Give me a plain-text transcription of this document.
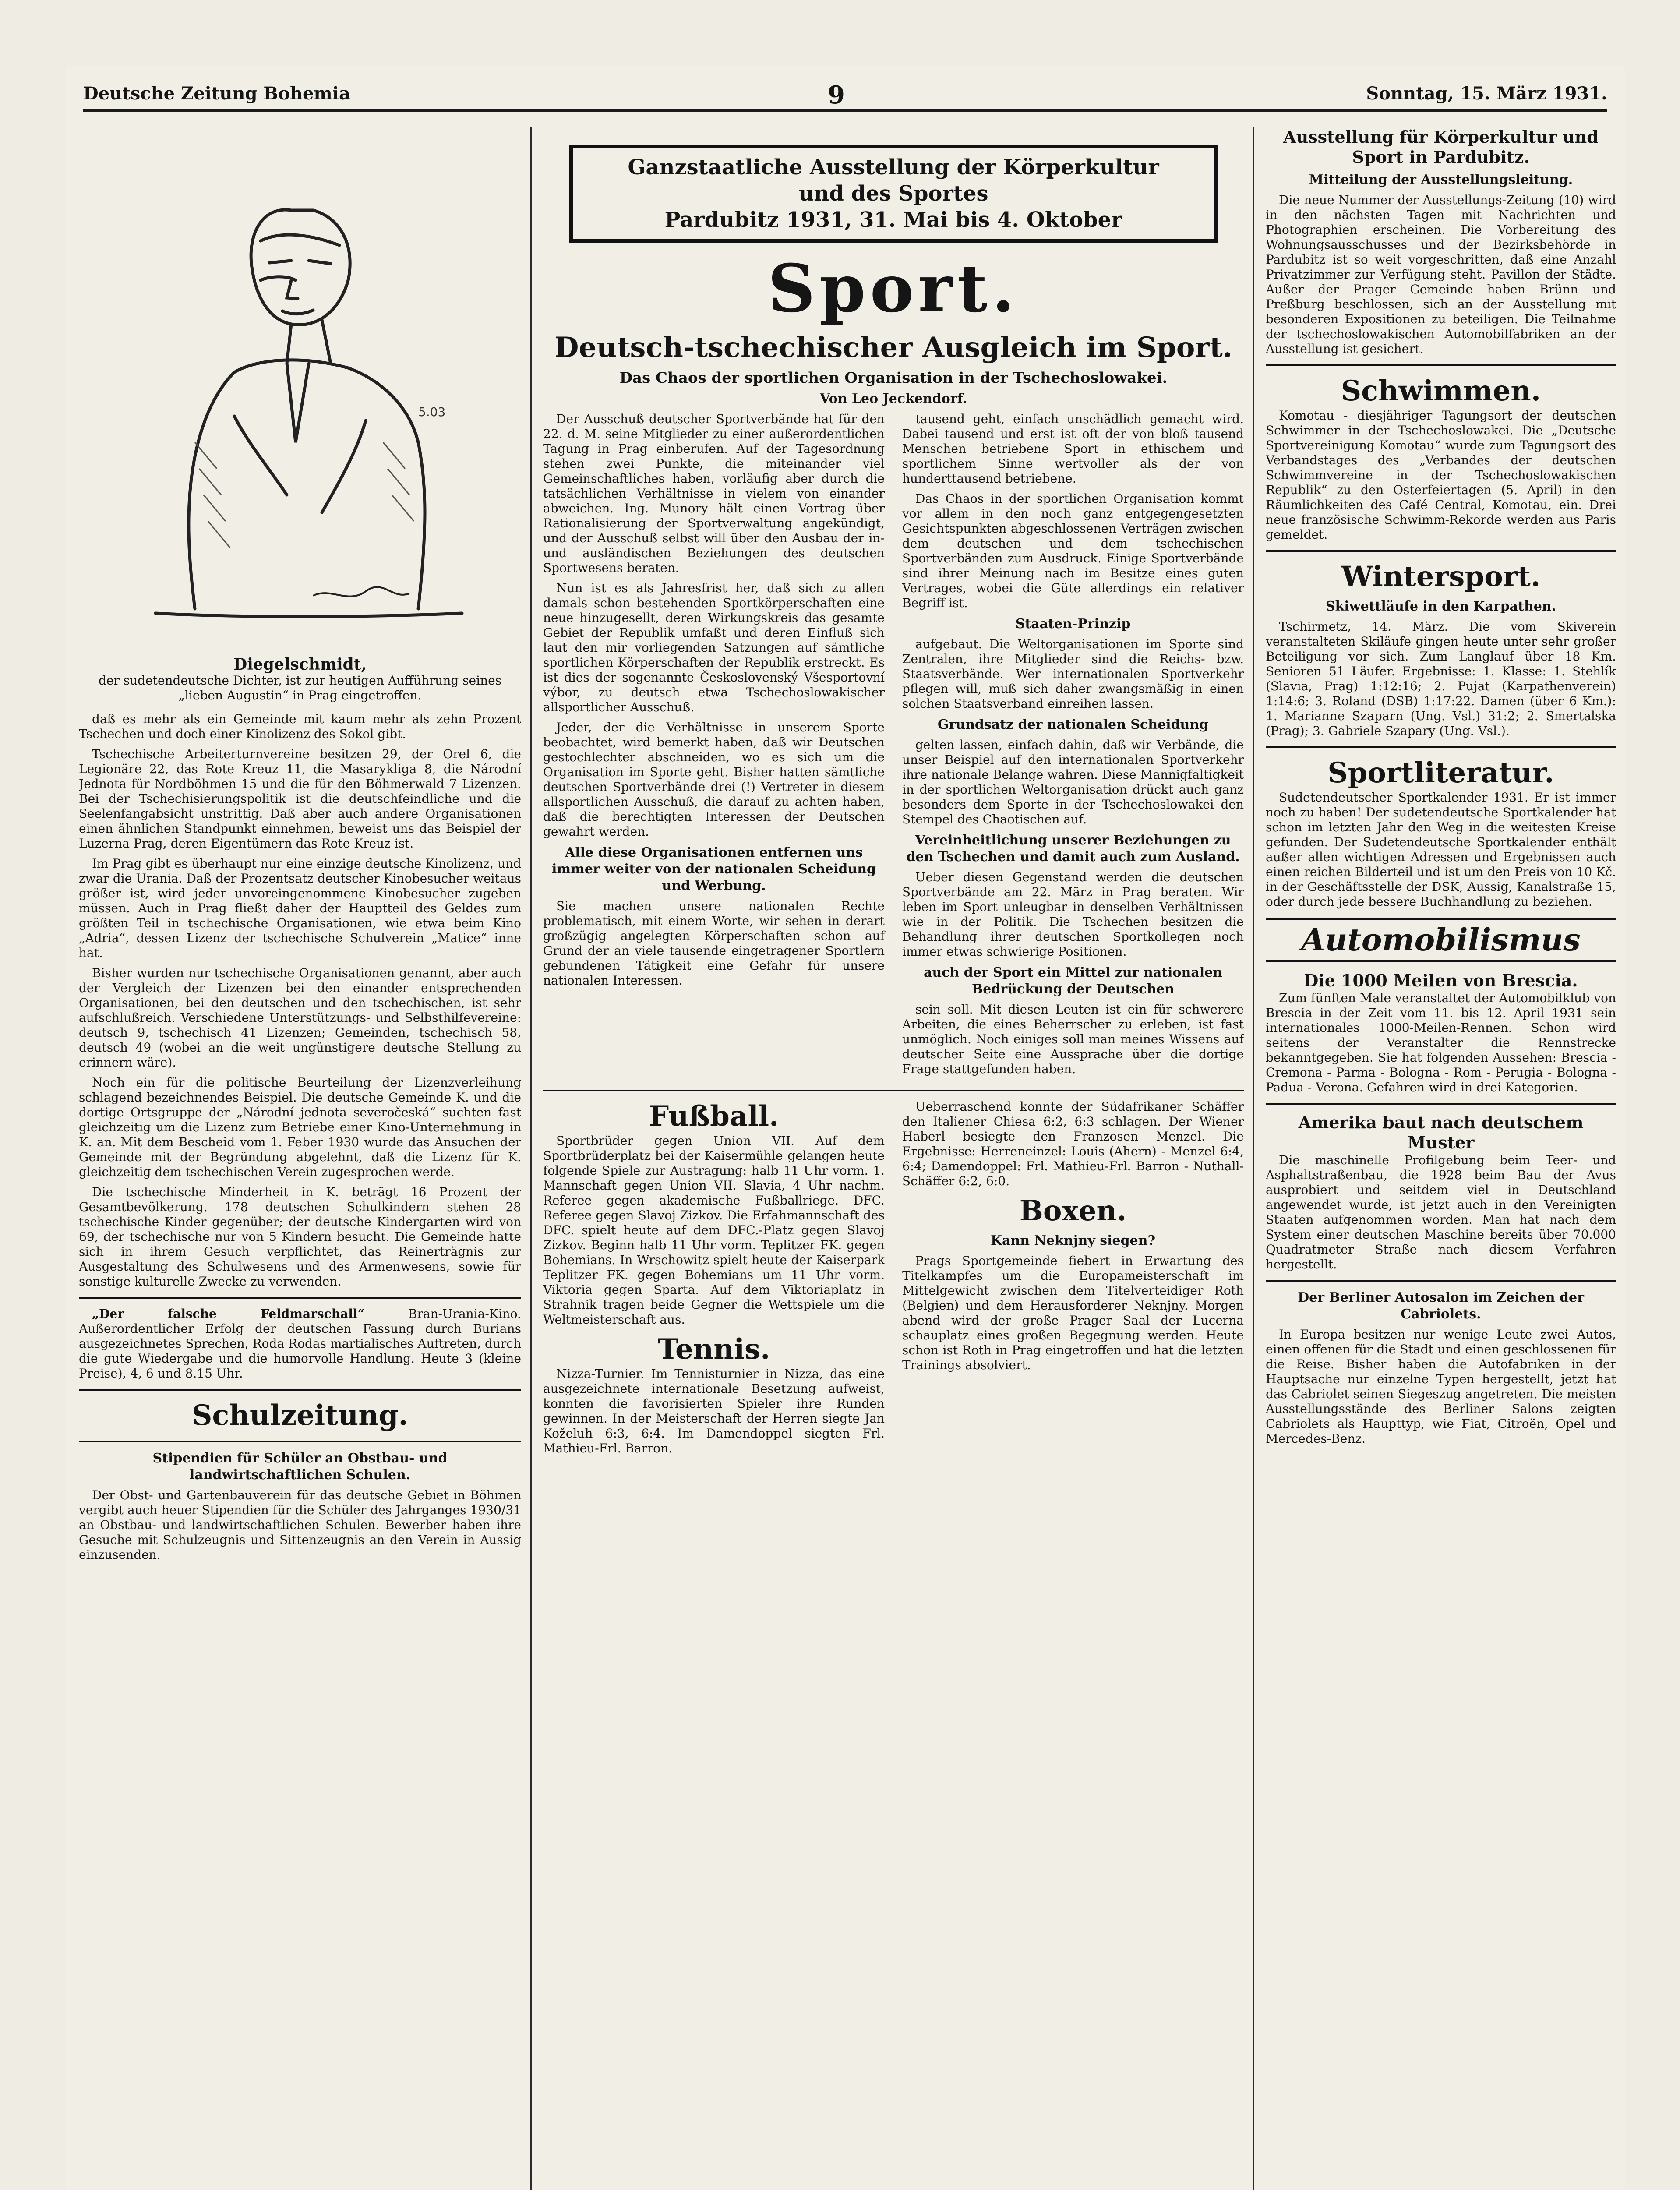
Deutsche Zeitung Bohemia	9	Sonntag, 15. März 1931.
5.03
Diegelschmidt,
der sudetendeutsche Dichter, ist zur heutigen Aufführung seines „lieben Augustin“ in Prag eingetroffen.

daß es mehr als ein Gemeinde mit kaum mehr als zehn Prozent Tschechen und doch einer Kinolizenz des Sokol gibt.

Tschechische Arbeiterturnvereine besitzen 29, der Orel 6, die Legionäre 22, das Rote Kreuz 11, die Masarykliga 8, die Národní Jednota für Nordböhmen 15 und die für den Böhmerwald 7 Lizenzen. Bei der Tschechisierungspolitik ist die deutschfeindliche und die Seelenfangabsicht unstrittig. Daß aber auch andere Organisationen einen ähnlichen Standpunkt einnehmen, beweist uns das Beispiel der Luzerna Prag, deren Eigentümern das Rote Kreuz ist.

Im Prag gibt es überhaupt nur eine einzige deutsche Kinolizenz, und zwar die Urania. Daß der Prozentsatz deutscher Kinobesucher weitaus größer ist, wird jeder unvoreingenommene Kinobesucher zugeben müssen. Auch in Prag fließt daher der Hauptteil des Geldes zum größten Teil in tschechische Organisationen, wie etwa beim Kino „Adria“, dessen Lizenz der tschechische Schulverein „Matice“ inne hat.

Bisher wurden nur tschechische Organisationen genannt, aber auch der Vergleich der Lizenzen bei den einander entsprechenden Organisationen, bei den deutschen und den tschechischen, ist sehr aufschlußreich. Verschiedene Unterstützungs- und Selbsthilfevereine: deutsch 9, tschechisch 41 Lizenzen; Gemeinden, tschechisch 58, deutsch 49 (wobei an die weit ungünstigere deutsche Stellung zu erinnern wäre).

Noch ein für die politische Beurteilung der Lizenzverleihung schlagend bezeichnendes Beispiel. Die deutsche Gemeinde K. und die dortige Ortsgruppe der „Národní jednota severočeská“ suchten fast gleichzeitig um die Lizenz zum Betriebe einer Kino-Unternehmung in K. an. Mit dem Bescheid vom 1. Feber 1930 wurde das Ansuchen der Gemeinde mit der Begründung abgelehnt, daß die Lizenz für K. gleichzeitig dem tschechischen Verein zugesprochen werde.

Die tschechische Minderheit in K. beträgt 16 Prozent der Gesamtbevölkerung. 178 deutschen Schulkindern stehen 28 tschechische Kinder gegenüber; der deutsche Kindergarten wird von 69, der tschechische nur von 5 Kindern besucht. Die Gemeinde hatte sich in ihrem Gesuch verpflichtet, das Reinerträgnis zur Ausgestaltung des Schulwesens und des Armenwesens, sowie für sonstige kulturelle Zwecke zu verwenden.

„Der falsche Feldmarschall“	Bran-Urania-Kino. Außerordentlicher Erfolg der deutschen Fassung durch Burians ausgezeichnetes Sprechen, Roda Rodas martialisches Auftreten, durch die gute Wiedergabe und die humorvolle Handlung. Heute 3 (kleine Preise), 4, 6 und 8.15 Uhr.

Schulzeitung.
Stipendien für Schüler an Obstbau- und landwirtschaftlichen Schulen.

Der Obst- und Gartenbauverein für das deutsche Gebiet in Böhmen vergibt auch heuer Stipendien für die Schüler des Jahrganges 1930/31 an Obstbau- und landwirtschaftlichen Schulen. Bewerber haben ihre Gesuche mit Schulzeugnis und Sittenzeugnis an den Verein in Aussig einzusenden.

Ganzstaatliche Ausstellung der Körperkultur
und des Sportes
Pardubitz 1931, 31. Mai bis 4. Oktober
Sport.
Deutsch-tschechischer Ausgleich im Sport.
Das Chaos der sportlichen Organisation in der Tschechoslowakei.
Von Leo Jeckendorf.

Der Ausschuß deutscher Sportverbände hat für den 22. d. M. seine Mitglieder zu einer außerordentlichen Tagung in Prag einberufen. Auf der Tagesordnung stehen zwei Punkte, die miteinander viel Gemeinschaftliches haben, vorläufig aber durch die tatsächlichen Verhältnisse in vielem von einander abweichen. Ing. Munory hält einen Vortrag über Rationalisierung der Sportverwaltung angekündigt, und der Ausschuß selbst will über den Ausbau der in- und ausländischen Beziehungen des deutschen Sportwesens beraten.

Nun ist es als Jahresfrist her, daß sich zu allen damals schon bestehenden Sportkörperschaften eine neue hinzugesellt, deren Wirkungskreis das gesamte Gebiet der Republik umfaßt und deren Einfluß sich laut den mir vorliegenden Satzungen auf sämtliche sportlichen Körperschaften der Republik erstreckt. Es ist dies der sogenannte Československý Všesportovní výbor, zu deutsch etwa Tschechoslowakischer allsportlicher Ausschuß.

Jeder, der die Verhältnisse in unserem Sporte beobachtet, wird bemerkt haben, daß wir Deutschen gestochlechter abschneiden, wo es sich um die Organisation im Sporte geht. Bisher hatten sämtliche deutschen Sportverbände drei (!) Vertreter in diesem allsportlichen Ausschuß, die darauf zu achten haben, daß die berechtigten Interessen der Deutschen gewahrt werden.

Alle diese Organisationen entfernen uns immer weiter von der nationalen Scheidung und Werbung.

Sie machen unsere nationalen Rechte problematisch, mit einem Worte, wir sehen in derart großzügig angelegten Körperschaften schon auf Grund der an viele tausende eingetragener Sportlern gebundenen Tätigkeit eine Gefahr für unsere nationalen Interessen.

tausend geht, einfach unschädlich gemacht wird. Dabei tausend und erst ist oft der von bloß tausend Menschen betriebene Sport in ethischem und sportlichem Sinne wertvoller als der von hunderttausend betriebene.

Das Chaos in der sportlichen Organisation kommt vor allem in den noch ganz entgegengesetzten Gesichtspunkten abgeschlossenen Verträgen zwischen dem deutschen und dem tschechischen Sportverbänden zum Ausdruck. Einige Sportverbände sind ihrer Meinung nach im Besitze eines guten Vertrages, wobei die Güte allerdings ein relativer Begriff ist.

Staaten-Prinzip

aufgebaut. Die Weltorganisationen im Sporte sind Zentralen, ihre Mitglieder sind die Reichs- bzw. Staatsverbände. Wer internationalen Sportverkehr pflegen will, muß sich daher zwangsmäßig in einen solchen Staatsverband einreihen lassen.

Grundsatz der nationalen Scheidung

gelten lassen, einfach dahin, daß wir Verbände, die unser Beispiel auf den internationalen Sportverkehr ihre nationale Belange wahren. Diese Mannigfaltigkeit in der sportlichen Weltorganisation drückt auch ganz besonders dem Sporte in der Tschechoslowakei den Stempel des Chaotischen auf.

Vereinheitlichung unserer Beziehungen zu den Tschechen und damit auch zum Ausland.

Ueber diesen Gegenstand werden die deutschen Sportverbände am 22. März in Prag beraten. Wir leben im Sport unleugbar in denselben Verhältnissen wie in der Politik. Die Tschechen besitzen die Behandlung ihrer deutschen Sportkollegen noch immer etwas schwierige Positionen.

auch der Sport ein Mittel zur nationalen Bedrückung der Deutschen

sein soll. Mit diesen Leuten ist ein für schwerere Arbeiten, die eines Beherrscher zu erleben, ist fast unmöglich. Noch einiges soll man meines Wissens auf deutscher Seite eine Aussprache über die dortige Frage stattgefunden haben.

Fußball.

Sportbrüder gegen Union VII. Auf dem Sportbrüderplatz bei der Kaisermühle gelangen heute folgende Spiele zur Austragung: halb 11 Uhr vorm. 1. Mannschaft gegen Union VII. Slavia, 4 Uhr nachm. Referee gegen akademische Fußballriege. DFC. Referee gegen Slavoj Zizkov. Die Erfahmannschaft des DFC. spielt heute auf dem DFC.-Platz gegen Slavoj Zizkov. Beginn halb 11 Uhr vorm. Teplitzer FK. gegen Bohemians. In Wrschowitz spielt heute der Kaiserpark Teplitzer FK. gegen Bohemians um 11 Uhr vorm. Viktoria gegen Sparta. Auf dem Viktoriaplatz in Strahnik tragen beide Gegner die Wettspiele um die Weltmeisterschaft aus.

Tennis.

Nizza-Turnier. Im Tennisturnier in Nizza, das eine ausgezeichnete internationale Besetzung aufweist, konnten die favorisierten Spieler ihre Runden gewinnen. In der Meisterschaft der Herren siegte Jan Koželuh 6:3, 6:4. Im Damendoppel siegten Frl. Mathieu-Frl. Barron.

Ueberraschend konnte der Südafrikaner Schäffer den Italiener Chiesa 6:2, 6:3 schlagen. Der Wiener Haberl besiegte den Franzosen Menzel. Die Ergebnisse: Herreneinzel: Louis (Ahern) - Menzel 6:4, 6:4; Damendoppel: Frl. Mathieu-Frl. Barron - Nuthall-Schäffer 6:2, 6:0.

Boxen.
Kann Neknjny siegen?

Prags Sportgemeinde fiebert in Erwartung des Titelkampfes um die Europameisterschaft im Mittelgewicht zwischen dem Titelverteidiger Roth (Belgien) und dem Herausforderer Neknjny. Morgen abend wird der große Prager Saal der Lucerna schauplatz eines großen Begegnung werden. Heute schon ist Roth in Prag eingetroffen und hat die letzten Trainings absolviert.

Ausstellung für Körperkultur und Sport in Pardubitz.
Mitteilung der Ausstellungsleitung.

Die neue Nummer der Ausstellungs-Zeitung (10) wird in den nächsten Tagen mit Nachrichten und Photographien erscheinen. Die Vorbereitung des Wohnungsausschusses und der Bezirksbehörde in Pardubitz ist so weit vorgeschritten, daß eine Anzahl Privatzimmer zur Verfügung steht. Pavillon der Städte. Außer der Prager Gemeinde haben Brünn und Preßburg beschlossen, sich an der Ausstellung mit besonderen Expositionen zu beteiligen. Die Teilnahme der tschechoslowakischen Automobilfabriken an der Ausstellung ist gesichert.

Schwimmen.

Komotau - diesjähriger Tagungsort der deutschen Schwimmer in der Tschechoslowakei. Die „Deutsche Sportvereinigung Komotau“ wurde zum Tagungsort des Verbandstages des „Verbandes der deutschen Schwimmvereine in der Tschechoslowakischen Republik“ zu den Osterfeiertagen (5. April) in den Räumlichkeiten des Café Central, Komotau, ein. Drei neue französische Schwimm-Rekorde werden aus Paris gemeldet.

Wintersport.
Skiwettläufe in den Karpathen.

Tschirmetz, 14. März. Die vom Skiverein veranstalteten Skiläufe gingen heute unter sehr großer Beteiligung vor sich. Zum Langlauf über 18 Km. Senioren 51 Läufer. Ergebnisse: 1. Klasse: 1. Stehlík (Slavia, Prag) 1:12:16; 2. Pujat (Karpathenverein) 1:14:6; 3. Roland (DSB) 1:17:22. Damen (über 6 Km.): 1. Marianne Szaparn (Ung. Vsl.) 31:2; 2. Smertalska (Prag); 3. Gabriele Szapary (Ung. Vsl.).

Sportliteratur.

Sudetendeutscher Sportkalender 1931. Er ist immer noch zu haben! Der sudetendeutsche Sportkalender hat schon im letzten Jahr den Weg in die weitesten Kreise gefunden. Der Sudetendeutsche Sportkalender enthält außer allen wichtigen Adressen und Ergebnissen auch einen reichen Bilderteil und ist um den Preis von 10 Kč. in der Geschäftsstelle der DSK, Aussig, Kanalstraße 15, oder durch jede bessere Buchhandlung zu beziehen.

Automobilismus
Die 1000 Meilen von Brescia.

Zum fünften Male veranstaltet der Automobilklub von Brescia in der Zeit vom 11. bis 12. April 1931 sein internationales 1000-Meilen-Rennen. Schon wird seitens der Veranstalter die Rennstrecke bekanntgegeben. Sie hat folgenden Aussehen: Brescia - Cremona - Parma - Bologna - Rom - Perugia - Bologna - Padua - Verona. Gefahren wird in drei Kategorien.

Amerika baut nach deutschem Muster

Die maschinelle Profilgebung beim Teer- und Asphaltstraßenbau, die 1928 beim Bau der Avus ausprobiert und seitdem viel in Deutschland angewendet wurde, ist jetzt auch in den Vereinigten Staaten aufgenommen worden. Man hat nach dem System einer deutschen Maschine bereits über 70.000 Quadratmeter Straße nach diesem Verfahren hergestellt.

Der Berliner Autosalon im Zeichen der Cabriolets.

In Europa besitzen nur wenige Leute zwei Autos, einen offenen für die Stadt und einen geschlossenen für die Reise. Bisher haben die Autofabriken in der Hauptsache nur einzelne Typen hergestellt, jetzt hat das Cabriolet seinen Siegeszug angetreten. Die meisten Ausstellungsstände des Berliner Salons zeigten Cabriolets als Haupttyp, wie Fiat, Citroën, Opel und Mercedes-Benz.
